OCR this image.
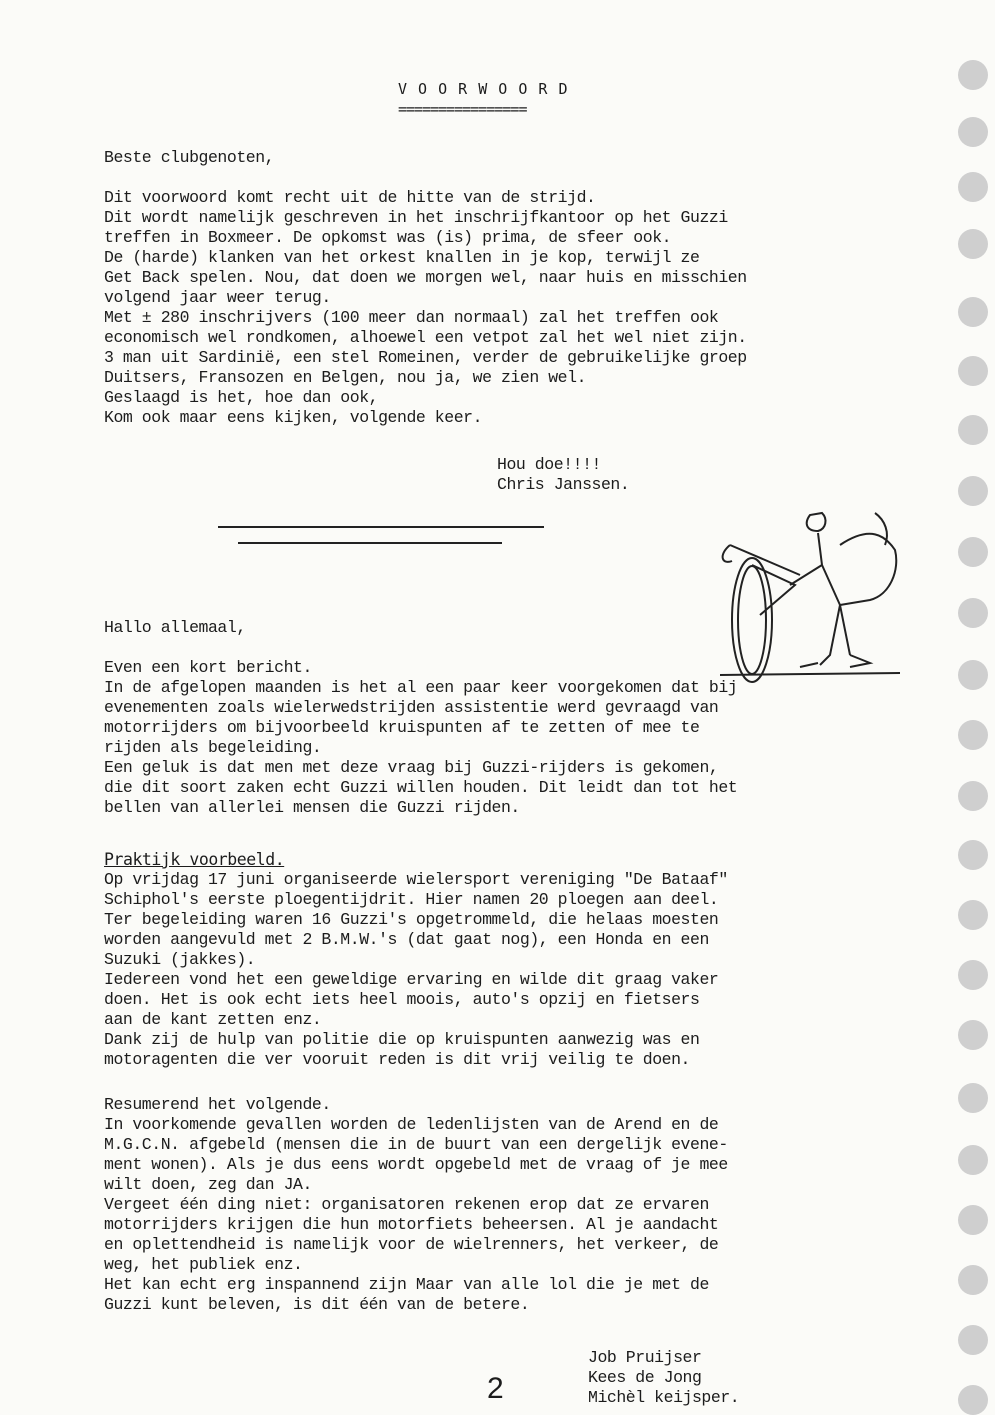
V O O R W O O R D
================
Beste clubgenoten,

Dit voorwoord komt recht uit de hitte van de strijd.
Dit wordt namelijk geschreven in het inschrijfkantoor op het Guzzi
treffen in Boxmeer. De opkomst was (is) prima, de sfeer ook.
De (harde) klanken van het orkest knallen in je kop, terwijl ze
Get Back spelen. Nou, dat doen we morgen wel, naar huis en misschien
volgend jaar weer terug.
Met ± 280 inschrijvers (100 meer dan normaal) zal het treffen ook
economisch wel rondkomen, alhoewel een vetpot zal het wel niet zijn.
3 man uit Sardinië, een stel Romeinen, verder de gebruikelijke groep
Duitsers, Fransozen en Belgen, nou ja, we zien wel.
Geslaagd is het, hoe dan ook,
Kom ook maar eens kijken, volgende keer.
Hou doe!!!!
Chris Janssen.
Hallo allemaal,

Even een kort bericht.
In de afgelopen maanden is het al een paar keer voorgekomen dat bij
evenementen zoals wielerwedstrijden assistentie werd gevraagd van
motorrijders om bijvoorbeeld kruispunten af te zetten of mee te
rijden als begeleiding.
Een geluk is dat men met deze vraag bij Guzzi-rijders is gekomen,
die dit soort zaken echt Guzzi willen houden. Dit leidt dan tot het
bellen van allerlei mensen die Guzzi rijden.
Praktijk voorbeeld.
Op vrijdag 17 juni organiseerde wielersport vereniging "De Bataaf"
Schiphol's eerste ploegentijdrit. Hier namen 20 ploegen aan deel.
Ter begeleiding waren 16 Guzzi's opgetrommeld, die helaas moesten
worden aangevuld met 2 B.M.W.'s (dat gaat nog), een Honda en een
Suzuki (jakkes).
Iedereen vond het een geweldige ervaring en wilde dit graag vaker
doen. Het is ook echt iets heel moois, auto's opzij en fietsers
aan de kant zetten enz.
Dank zij de hulp van politie die op kruispunten aanwezig was en
motoragenten die ver vooruit reden is dit vrij veilig te doen.
Resumerend het volgende.
In voorkomende gevallen worden de ledenlijsten van de Arend en de
M.G.C.N. afgebeld (mensen die in de buurt van een dergelijk evene-
ment wonen). Als je dus eens wordt opgebeld met de vraag of je mee
wilt doen, zeg dan JA.
Vergeet één ding niet: organisatoren rekenen erop dat ze ervaren
motorrijders krijgen die hun motorfiets beheersen. Al je aandacht
en oplettendheid is namelijk voor de wielrenners, het verkeer, de
weg, het publiek enz.
Het kan echt erg inspannend zijn Maar van alle lol die je met de
Guzzi kunt beleven, is dit één van de betere.
Job Pruijser
Kees de Jong
Michèl keijsper.
2
